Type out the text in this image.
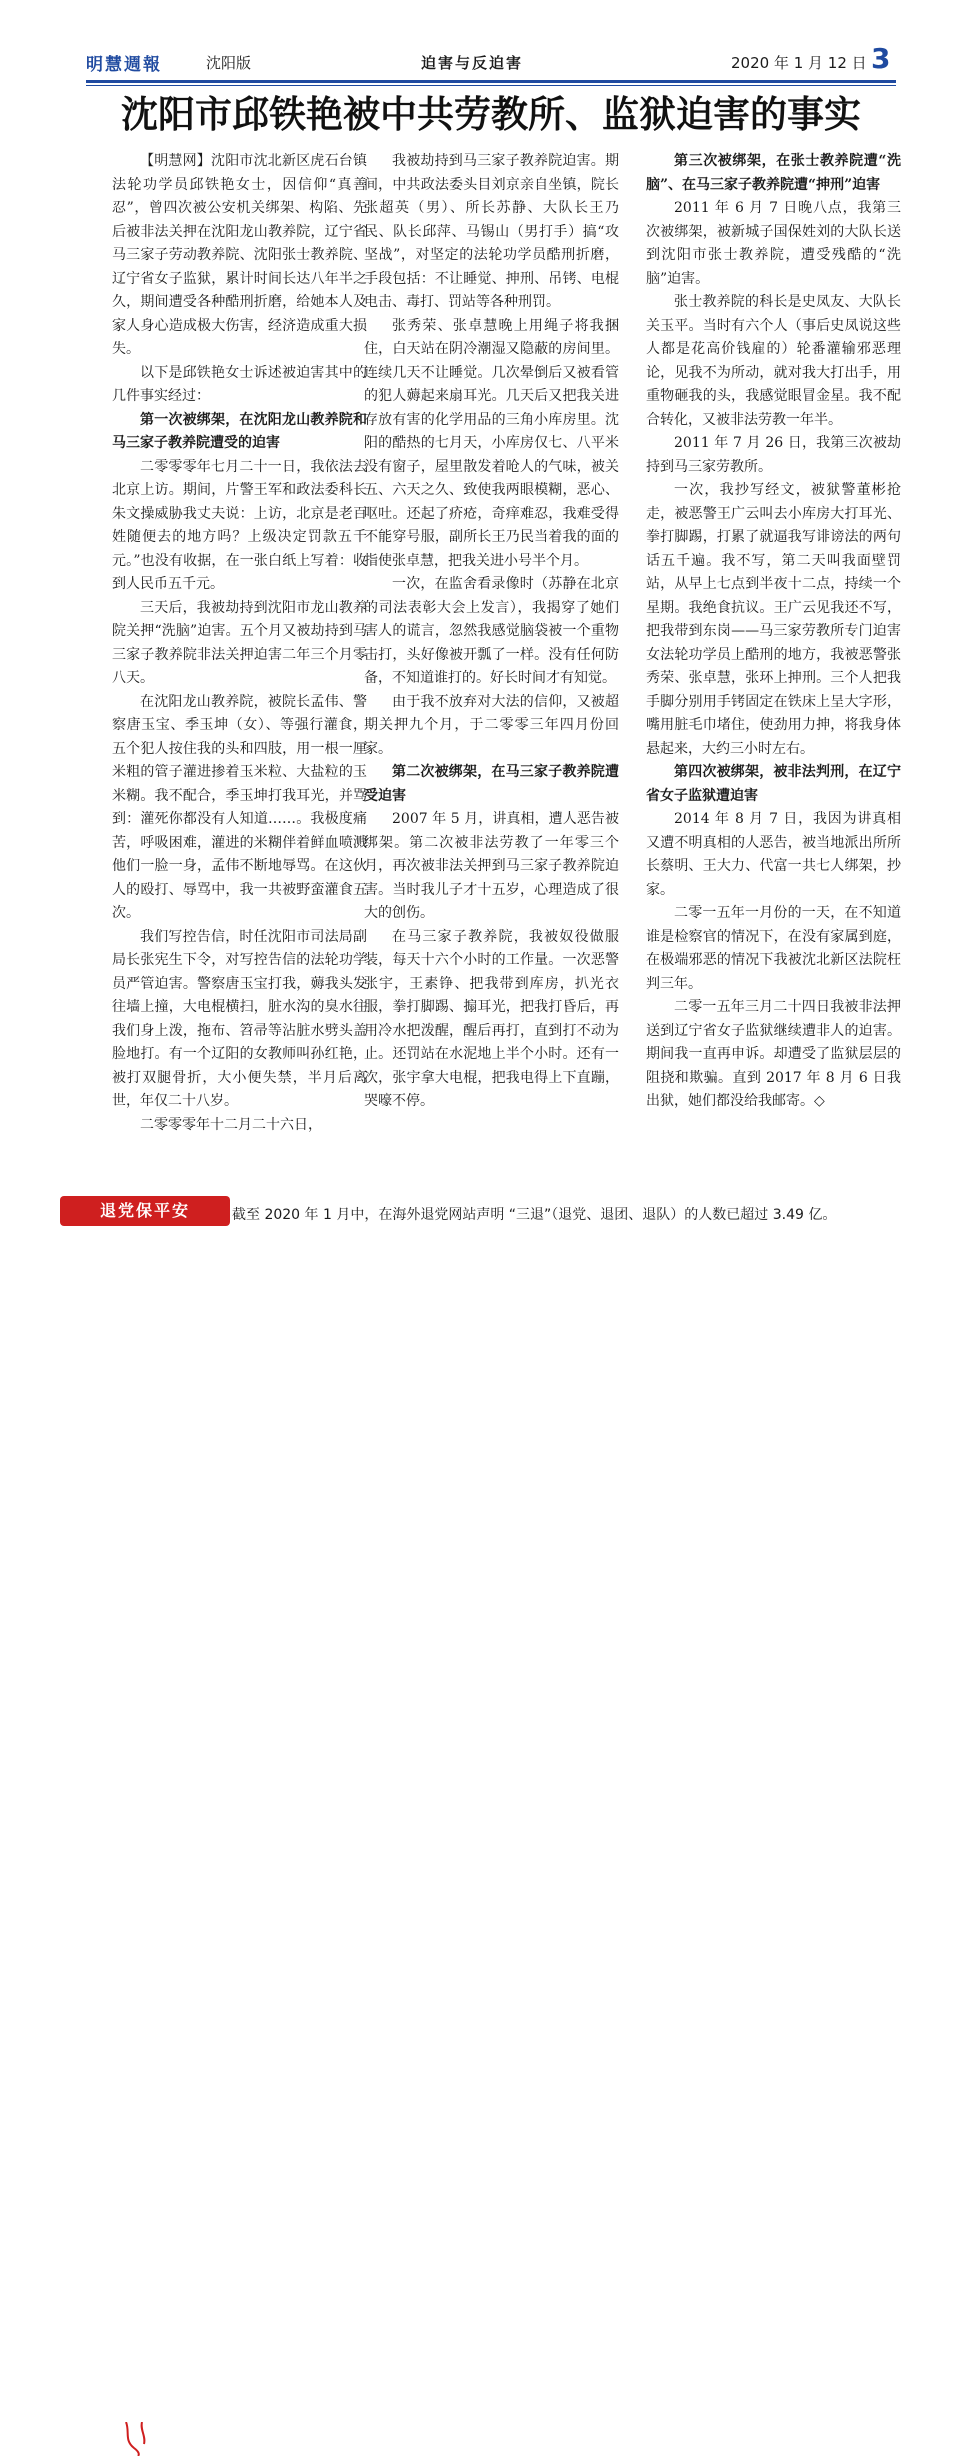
明慧週報	沈阳版	迫害与反迫害	2020 年 1 月 12 日 3
沈阳市邱铁艳被中共劳教所、监狱迫害的事实

【明慧网】沈阳市沈北新区虎石台镇法轮功学员邱铁艳女士，因信仰“真善忍”，曾四次被公安机关绑架、构陷、先后被非法关押在沈阳龙山教养院，辽宁省马三家子劳动教养院、沈阳张士教养院、辽宁省女子监狱，累计时间长达八年半之久，期间遭受各种酷刑折磨，给她本人及家人身心造成极大伤害，经济造成重大损失。

以下是邱铁艳女士诉述被迫害其中的几件事实经过：

第一次被绑架，在沈阳龙山教养院和马三家子教养院遭受的迫害

二零零零年七月二十一日，我依法去北京上访。期间，片警王军和政法委科长朱文操威胁我丈夫说：上访，北京是老百姓随便去的地方吗？上级决定罚款五千元。”也没有收据，在一张白纸上写着：收到人民币五千元。

三天后，我被劫持到沈阳市龙山教养院关押“洗脑”迫害。五个月又被劫持到马三家子教养院非法关押迫害二年三个月零八天。

在沈阳龙山教养院，被院长孟伟、警察唐玉宝、季玉坤（女）、等强行灌食，五个犯人按住我的头和四肢，用一根一厘米粗的管子灌进掺着玉米粒、大盐粒的玉米糊。我不配合，季玉坤打我耳光，并骂到：灌死你都没有人知道……。我极度痛苦，呼吸困难，灌进的米糊伴着鲜血喷溅他们一脸一身，孟伟不断地辱骂。在这伙人的殴打、辱骂中，我一共被野蛮灌食五次。

我们写控告信，时任沈阳市司法局副局长张宪生下令，对写控告信的法轮功学员严管迫害。警察唐玉宝打我，薅我头发往墙上撞，大电棍横扫，脏水沟的臭水往我们身上泼，拖布、笤帚等沾脏水劈头盖脸地打。有一个辽阳的女教师叫孙红艳，被打双腿骨折，大小便失禁，半月后离世，年仅二十八岁。

二零零零年十二月二十六日，

我被劫持到马三家子教养院迫害。期间，中共政法委头目刘京亲自坐镇，院长张超英（男）、所长苏静、大队长王乃民、队长邱萍、马锡山（男打手）搞“攻坚战”，对坚定的法轮功学员酷刑折磨，手段包括：不让睡觉、抻刑、吊铐、电棍电击、毒打、罚站等各种刑罚。

张秀荣、张卓慧晚上用绳子将我捆住，白天站在阴冷潮湿又隐蔽的房间里。连续几天不让睡觉。几次晕倒后又被看管的犯人薅起来扇耳光。几天后又把我关进存放有害的化学用品的三角小库房里。沈阳的酷热的七月天，小库房仅七、八平米没有窗子，屋里散发着呛人的气味，被关五、六天之久、致使我两眼模糊，恶心、呕吐。还起了疥疮，奇痒难忍，我难受得不能穿号服，副所长王乃民当着我的面的指使张卓慧，把我关进小号半个月。

一次，在监舍看录像时（苏静在北京的司法表彰大会上发言），我揭穿了她们害人的谎言，忽然我感觉脑袋被一个重物击打，头好像被开瓢了一样。没有任何防备，不知道谁打的。好长时间才有知觉。

由于我不放弃对大法的信仰，又被超期关押九个月，于二零零三年四月份回家。

第二次被绑架，在马三家子教养院遭受迫害

2007 年 5 月，讲真相，遭人恶告被绑架。第二次被非法劳教了一年零三个月，再次被非法关押到马三家子教养院迫害。当时我儿子才十五岁，心理造成了很大的创伤。

在马三家子教养院，我被奴役做服装，每天十六个小时的工作量。一次恶警张宇，王素铮、把我带到库房，扒光衣服，拳打脚踢、搧耳光，把我打昏后，再用冷水把泼醒，醒后再打，直到打不动为止。还罚站在水泥地上半个小时。还有一次，张宇拿大电棍，把我电得上下直蹦，哭嚎不停。

第三次被绑架，在张士教养院遭“洗脑”、在马三家子教养院遭“抻刑”迫害

2011 年 6 月 7 日晚八点，我第三次被绑架，被新城子国保姓刘的大队长送到沈阳市张士教养院，遭受残酷的“洗脑”迫害。

张士教养院的科长是史凤友、大队长关玉平。当时有六个人（事后史凤说这些人都是花高价钱雇的）轮番灌输邪恶理论，见我不为所动，就对我大打出手，用重物砸我的头，我感觉眼冒金星。我不配合转化，又被非法劳教一年半。

2011 年 7 月 26 日，我第三次被劫持到马三家劳教所。

一次，我抄写经文，被狱警董彬抢走，被恶警王广云叫去小库房大打耳光、拳打脚踢，打累了就逼我写诽谤法的两句话五千遍。我不写，第二天叫我面壁罚站，从早上七点到半夜十二点，持续一个星期。我绝食抗议。王广云见我还不写，把我带到东岗——马三家劳教所专门迫害女法轮功学员上酷刑的地方，我被恶警张秀荣、张卓慧，张环上抻刑。三个人把我手脚分别用手铐固定在铁床上呈大字形，嘴用脏毛巾堵住，使劲用力抻，将我身体悬起来，大约三小时左右。

第四次被绑架，被非法判刑，在辽宁省女子监狱遭迫害

2014 年 8 月 7 日，我因为讲真相又遭不明真相的人恶告，被当地派出所所长蔡明、王大力、代富一共七人绑架，抄家。

二零一五年一月份的一天，在不知道谁是检察官的情况下，在没有家属到庭，在极端邪恶的情况下我被沈北新区法院枉判三年。

二零一五年三月二十四日我被非法押送到辽宁省女子监狱继续遭非人的迫害。期间我一直再申诉。却遭受了监狱层层的阻挠和欺骗。直到 2017 年 8 月 6 日我出狱，她们都没给我邮寄。◇

退党保平安	截至 2020 年 1 月中，在海外退党网站声明 “三退”（退党、退团、退队）的人数已超过 3.49 亿。
